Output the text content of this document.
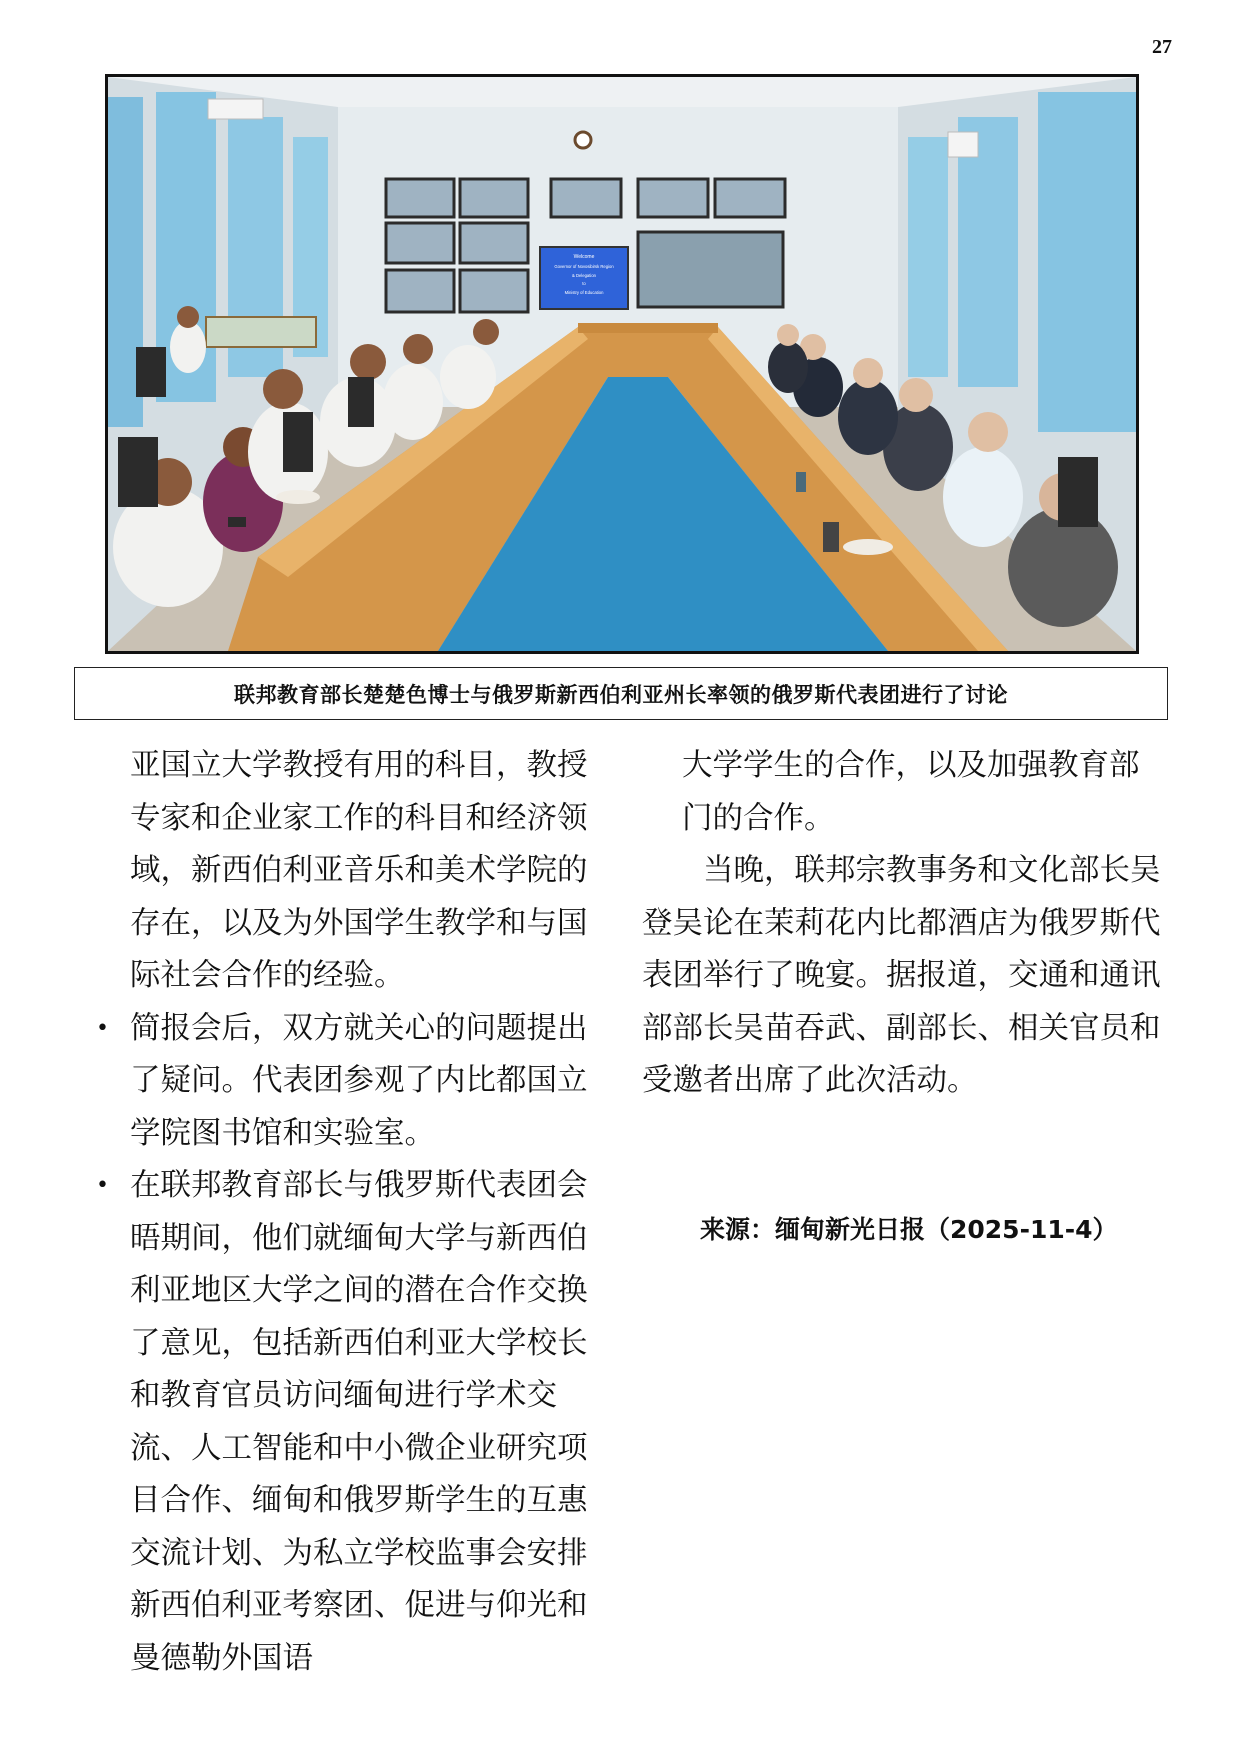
27
Welcome
Governor of Novosibirsk Region
& Delegation
to
Ministry of Education
联邦教育部长楚楚色博士与俄罗斯新西伯利亚州长率领的俄罗斯代表团进行了讨论

亚国立大学教授有用的科目，教授专家和企业家工作的科目和经济领域，新西伯利亚音乐和美术学院的存在，以及为外国学生教学和与国际社会合作的经验。

• 简报会后，双方就关心的问题提出了疑问。代表团参观了内比都国立学院图书馆和实验室。
• 在联邦教育部长与俄罗斯代表团会晤期间，他们就缅甸大学与新西伯利亚地区大学之间的潜在合作交换了意见，包括新西伯利亚大学校长和教育官员访问缅甸进行学术交流、人工智能和中小微企业研究项目合作、缅甸和俄罗斯学生的互惠交流计划、为私立学校监事会安排新西伯利亚考察团、促进与仰光和曼德勒外国语

大学学生的合作，以及加强教育部门的合作。

当晚，联邦宗教事务和文化部长吴登吴论在茉莉花内比都酒店为俄罗斯代表团举行了晚宴。据报道，交通和通讯部部长吴苗吞武、副部长、相关官员和受邀者出席了此次活动。

来源：缅甸新光日报（2025-11-4）
